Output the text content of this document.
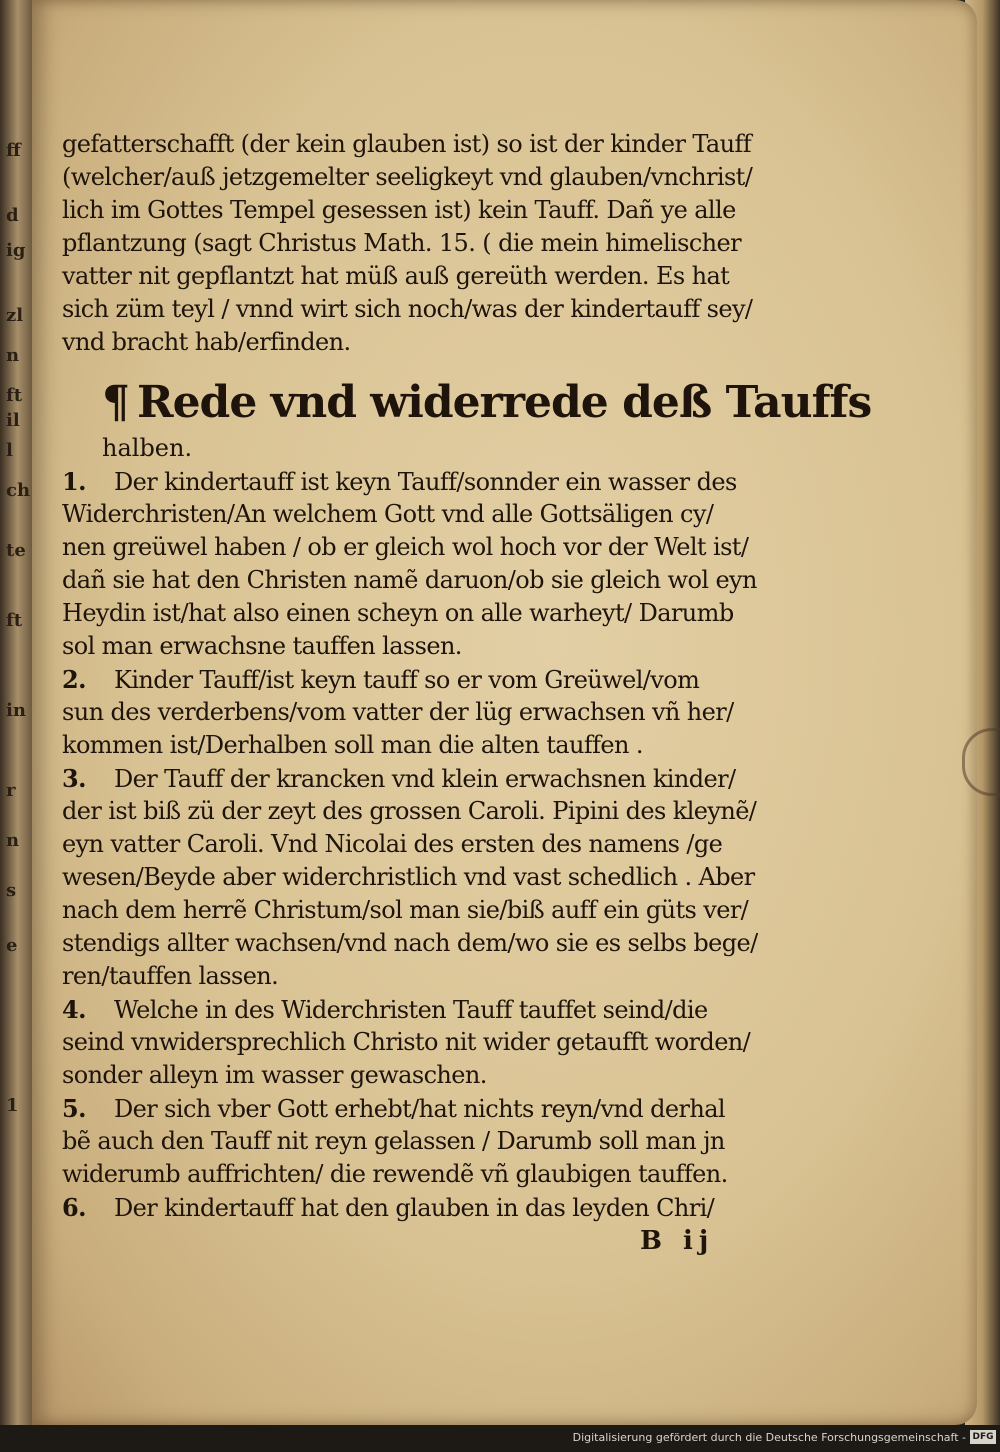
ff
d
ig
zl
n
ft
il
l
ch
te
ft
in
r
n
s
e
1
gefatterschafft (der kein glauben ist) so ist der kinder Tauff
(welcher/auß jetzgemelter seeligkeyt vnd glauben/vnchrist/
lich im Gottes Tempel gesessen ist) kein Tauff. Dañ ye alle
pflantzung (sagt Christus Math. 15. ( die mein himelischer
vatter nit gepflantzt hat müß auß gereüth werden. Es hat
sich züm teyl / vnnd wirt sich noch/was der kindertauff sey/
vnd bracht hab/erfinden.
¶ Rede vnd widerrede deß Tauffs
halben.
1. Der kindertauff ist keyn Tauff/sonnder ein wasser des
Widerchristen/An welchem Gott vnd alle Gottsäligen cy/
nen greüwel haben / ob er gleich wol hoch vor der Welt ist/
dañ sie hat den Christen namẽ daruon/ob sie gleich wol eyn
Heydin ist/hat also einen scheyn on alle warheyt/ Darumb
sol man erwachsne tauffen lassen.
2. Kinder Tauff/ist keyn tauff so er vom Greüwel/vom
sun des verderbens/vom vatter der lüg erwachsen vñ her/
kommen ist/Derhalben soll man die alten tauffen .
3. Der Tauff der krancken vnd klein erwachsnen kinder/
der ist biß zü der zeyt des grossen Caroli. Pipini des kleynẽ/
eyn vatter Caroli. Vnd Nicolai des ersten des namens /ge
wesen/Beyde aber widerchristlich vnd vast schedlich . Aber
nach dem herrẽ Christum/sol man sie/biß auff ein güts ver/
stendigs allter wachsen/vnd nach dem/wo sie es selbs bege/
ren/tauffen lassen.
4. Welche in des Widerchristen Tauff tauffet seind/die
seind vnwidersprechlich Christo nit wider getaufft worden/
sonder alleyn im wasser gewaschen.
5. Der sich vber Gott erhebt/hat nichts reyn/vnd derhal
bẽ auch den Tauff nit reyn gelassen / Darumb soll man jn
widerumb auffrichten/ die rewendẽ vñ glaubigen tauffen.
6. Der kindertauff hat den glauben in das leyden Chri/
B ij
Digitalisierung gefördert durch die Deutsche Forschungsgemeinschaft - DFG
